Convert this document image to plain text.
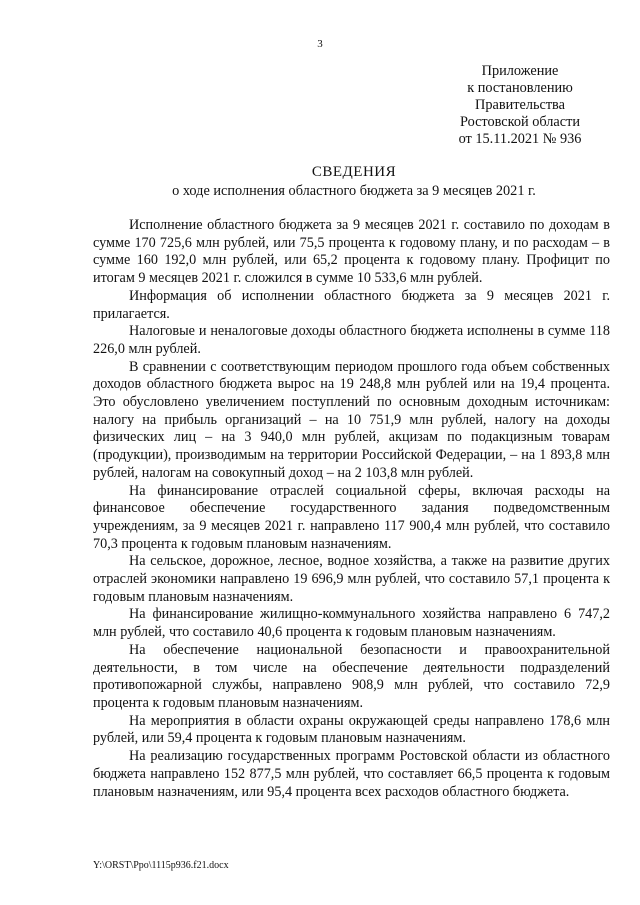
3
Приложение
к постановлению
Правительства
Ростовской области
от 15.11.2021 № 936
СВЕДЕНИЯ
о ходе исполнения областного бюджета за 9 месяцев 2021 г.

Исполнение областного бюджета за 9 месяцев 2021 г. составило по доходам в сумме 170 725,6 млн рублей, или 75,5 процента к годовому плану, и по расходам – в сумме 160 192,0 млн рублей, или 65,2 процента к годовому плану. Профицит по итогам 9 месяцев 2021 г. сложился в сумме 10 533,6 млн рублей.

Информация об исполнении областного бюджета за 9 месяцев 2021 г. прилагается.

Налоговые и неналоговые доходы областного бюджета исполнены в сумме 118 226,0 млн рублей.

В сравнении с соответствующим периодом прошлого года объем собственных доходов областного бюджета вырос на 19 248,8 млн рублей или на 19,4 процента. Это обусловлено увеличением поступлений по основным доходным источникам: налогу на прибыль организаций – на 10 751,9 млн рублей, налогу на доходы физических лиц – на 3 940,0 млн рублей, акцизам по подакцизным товарам (продукции), производимым на территории Российской Федерации, – на 1 893,8 млн рублей, налогам на совокупный доход – на 2 103,8 млн рублей.

На финансирование отраслей социальной сферы, включая расходы на финансовое обеспечение государственного задания подведомственным учреждениям, за 9 месяцев 2021 г. направлено 117 900,4 млн рублей, что составило 70,3 процента к годовым плановым назначениям.

На сельское, дорожное, лесное, водное хозяйства, а также на развитие других отраслей экономики направлено 19 696,9 млн рублей, что составило 57,1 процента к годовым плановым назначениям.

На финансирование жилищно-коммунального хозяйства направлено 6 747,2 млн рублей, что составило 40,6 процента к годовым плановым назначениям.

На обеспечение национальной безопасности и правоохранительной деятельности, в том числе на обеспечение деятельности подразделений противопожарной службы, направлено 908,9 млн рублей, что составило 72,9 процента к годовым плановым назначениям.

На мероприятия в области охраны окружающей среды направлено 178,6 млн рублей, или 59,4 процента к годовым плановым назначениям.

На реализацию государственных программ Ростовской области из областного бюджета направлено 152 877,5 млн рублей, что составляет 66,5 процента к годовым плановым назначениям, или 95,4 процента всех расходов областного бюджета.

Y:\ORST\Ppo\1115p936.f21.docx
